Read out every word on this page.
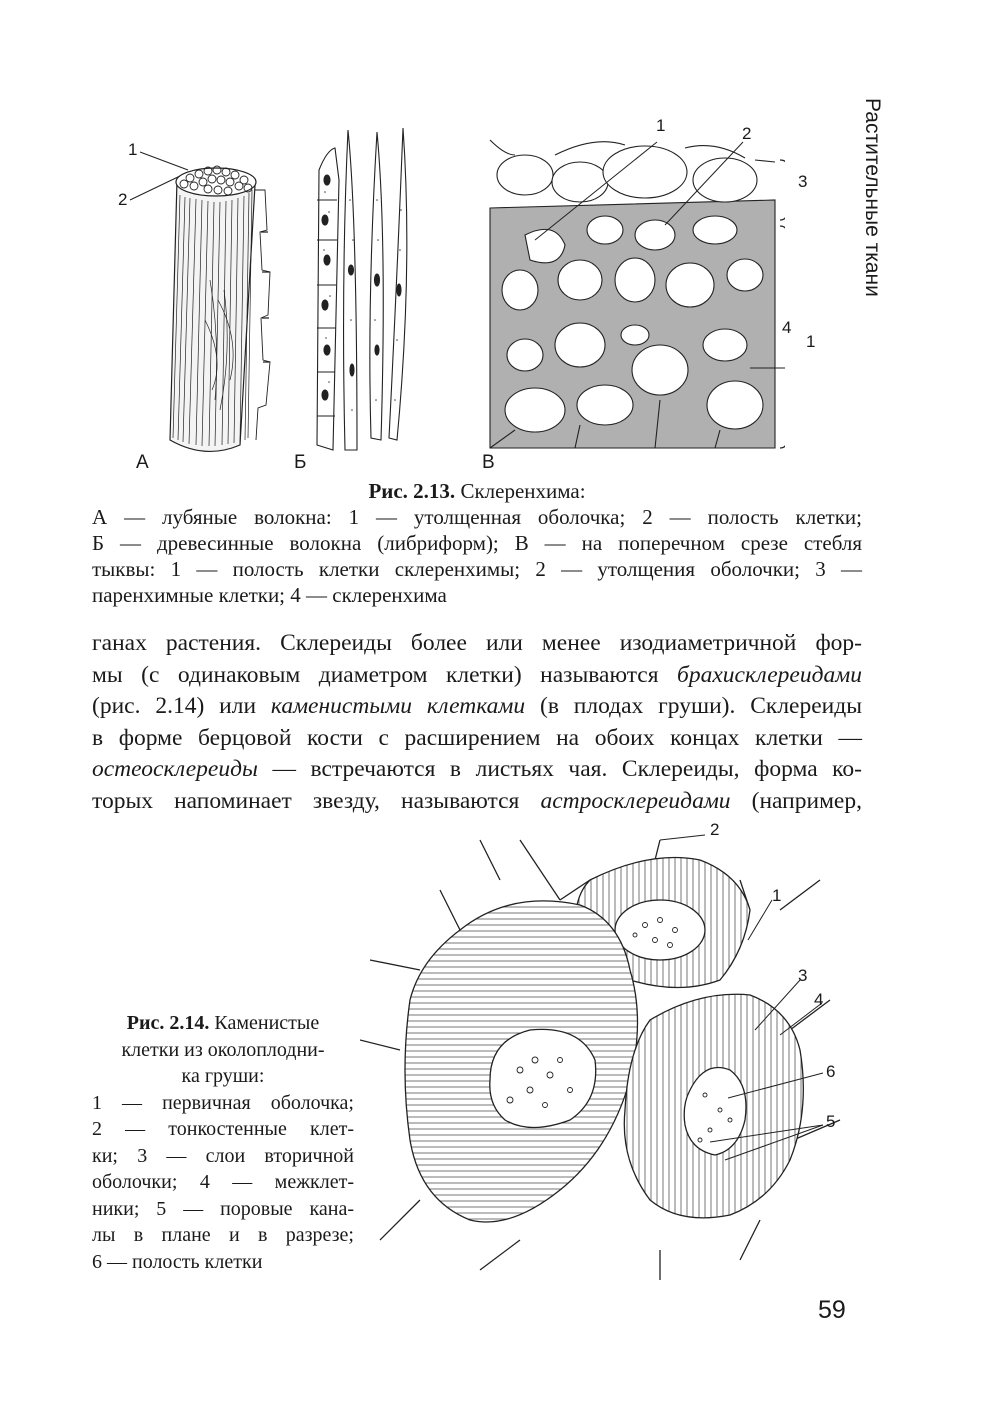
Растительные ткани
1
2
А	Б
1	2
3
4
1
В
Рис. 2.13. Склеренхима:
А — лубяные волокна: 1 — утолщенная оболочка; 2 — полость клетки;
Б — древесинные волокна (либриформ); В — на поперечном срезе стебля
тыквы: 1 — полость клетки склеренхимы; 2 — утолщения оболочки; 3 —
паренхимные клетки; 4 — склеренхима
ганах растения. Склереиды более или менее изодиаметричной фор-
мы (с одинаковым диаметром клетки) называются брахисклереидами
(рис. 2.14) или каменистыми клетками (в плодах груши). Склереиды
в форме берцовой кости с расширением на обоих концах клетки —
остеосклереиды — встречаются в листьях чая. Склереиды, форма ко-
торых напоминает звезду, называются астросклереидами (например,
2
1
3
4
6
5
Рис. 2.14. Каменистые
клетки из околоплодни-
ка груши:
1 — первичная оболочка;
2 — тонкостенные клет-
ки; 3 — слои вторичной
оболочки; 4 — межклет-
ники; 5 — поровые кана-
лы в плане и в разрезе;
6 — полость клетки
59
